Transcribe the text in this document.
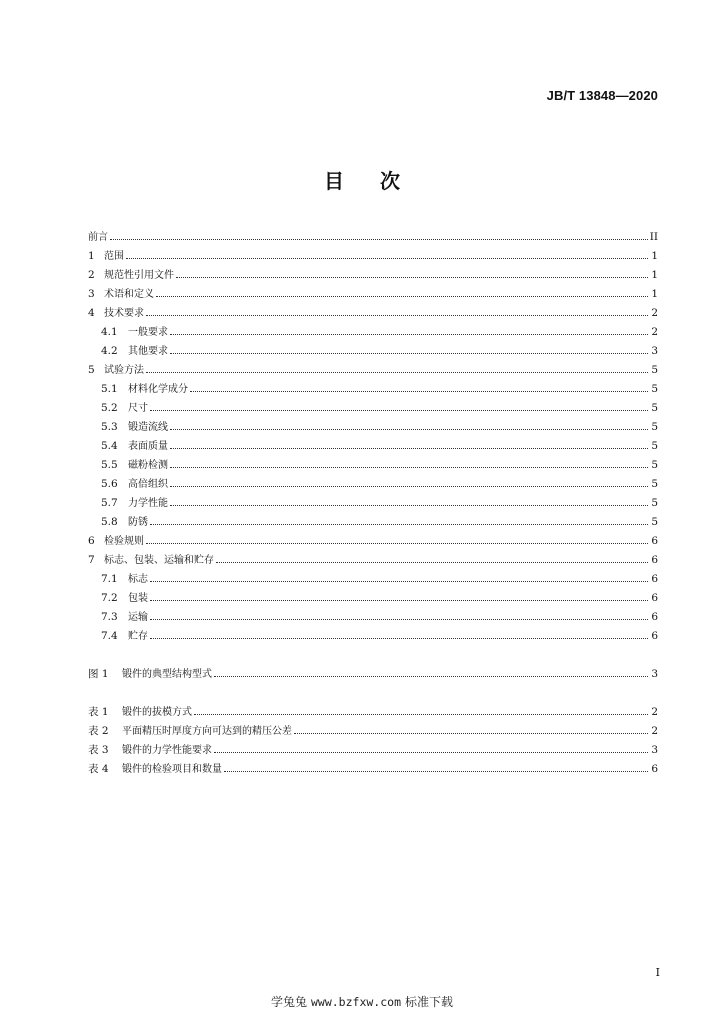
JB/T 13848—2020
目 次
前言	II
1 范围	1
2 规范性引用文件	1
3 术语和定义	1
4 技术要求	2
4.1	一般要求	2
4.2	其他要求	3
5 试验方法	5
5.1	材料化学成分	5
5.2	尺寸	5
5.3	锻造流线	5
5.4	表面质量	5
5.5	磁粉检测	5
5.6	高倍组织	5
5.7	力学性能	5
5.8	防锈	5
6 检验规则	6
7 标志、包装、运输和贮存	6
7.1	标志	6
7.2	包装	6
7.3	运输	6
7.4	贮存	6
图 1	锻件的典型结构型式	3
表 1	锻件的拔模方式	2
表 2	平面精压时厚度方向可达到的精压公差	2
表 3	锻件的力学性能要求	3
表 4	锻件的检验项目和数量	6
I
学兔兔 www.bzfxw.com 标准下载
